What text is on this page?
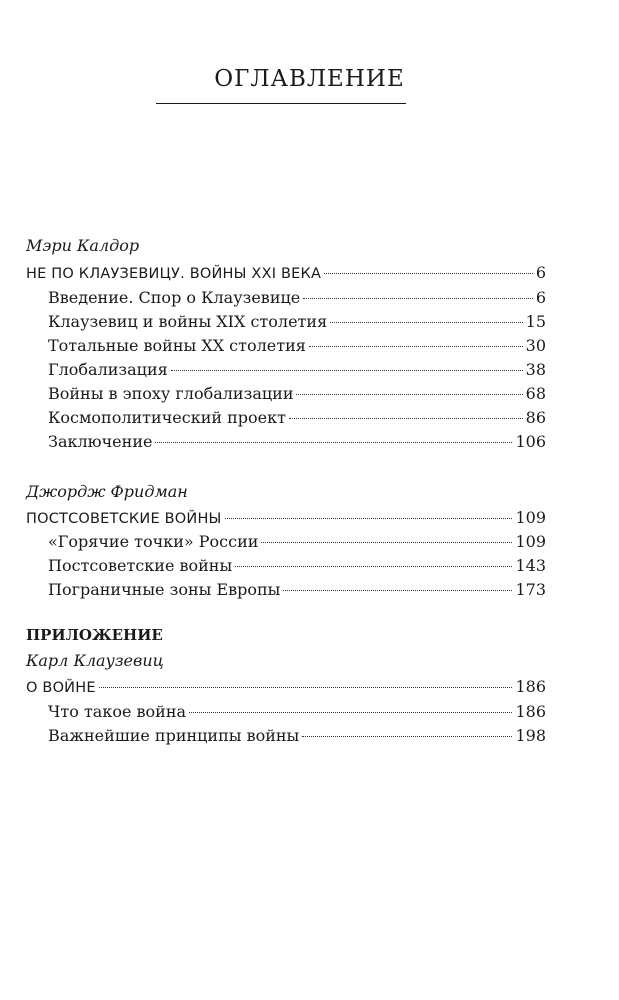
ОГЛАВЛЕНИЕ
Мэри Калдор
НЕ ПО КЛАУЗЕВИЦУ. ВОЙНЫ XXI ВЕКА	6
Введение. Спор о Клаузевице	6
Клаузевиц и войны XIX столетия	15
Тотальные войны XX столетия	30
Глобализация	38
Войны в эпоху глобализации	68
Космополитический проект	86
Заключение	106
Джордж Фридман
ПОСТСОВЕТСКИЕ ВОЙНЫ	109
«Горячие точки» России	109
Постсоветские войны	143
Пограничные зоны Европы	173
ПРИЛОЖЕНИЕ
Карл Клаузевиц
О ВОЙНЕ	186
Что такое война	186
Важнейшие принципы войны	198
